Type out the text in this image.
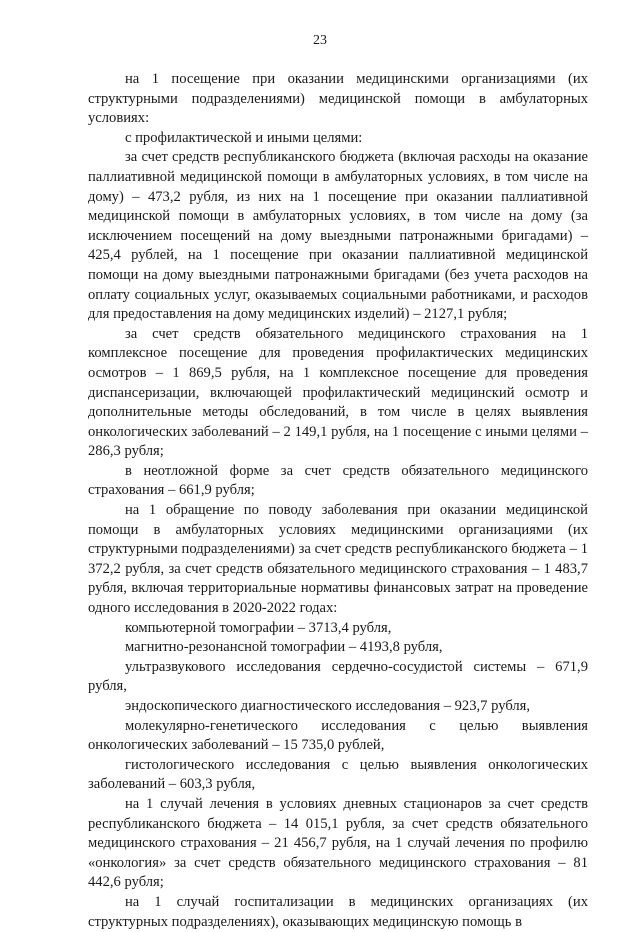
23

на 1 посещение при оказании медицинскими организациями (их структурными подразделениями) медицинской помощи в амбулаторных условиях:

с профилактической и иными целями:

за счет средств республиканского бюджета (включая расходы на оказание паллиативной медицинской помощи в амбулаторных условиях, в том числе на дому) – 473,2 рубля, из них на 1 посещение при оказании паллиативной медицинской помощи в амбулаторных условиях, в том числе на дому (за исключением посещений на дому выездными патронажными бригадами) – 425,4 рублей, на 1 посещение при оказании паллиативной медицинской помощи на дому выездными патронажными бригадами (без учета расходов на оплату социальных услуг, оказываемых социальными работниками, и расходов для предоставления на дому медицинских изделий) – 2127,1 рубля;

за счет средств обязательного медицинского страхования на 1 комплексное посещение для проведения профилактических медицинских осмотров – 1 869,5 рубля, на 1 комплексное посещение для проведения диспансеризации, включающей профилактический медицинский осмотр и дополнительные методы обследований, в том числе в целях выявления онкологических заболеваний – 2 149,1 рубля, на 1 посещение с иными целями – 286,3 рубля;

в неотложной форме за счет средств обязательного медицинского страхования – 661,9 рубля;

на 1 обращение по поводу заболевания при оказании медицинской помощи в амбулаторных условиях медицинскими организациями (их структурными подразделениями) за счет средств республиканского бюджета – 1 372,2 рубля, за счет средств обязательного медицинского страхования – 1 483,7 рубля, включая территориальные нормативы финансовых затрат на проведение одного исследования в 2020-2022 годах:

компьютерной томографии – 3713,4 рубля,

магнитно-резонансной томографии – 4193,8 рубля,

ультразвукового исследования сердечно-сосудистой системы – 671,9 рубля,

эндоскопического диагностического исследования – 923,7 рубля,

молекулярно-генетического исследования с целью выявления онкологических заболеваний – 15 735,0 рублей,

гистологического исследования с целью выявления онкологических заболеваний – 603,3 рубля,

на 1 случай лечения в условиях дневных стационаров за счет средств республиканского бюджета – 14 015,1 рубля, за счет средств обязательного медицинского страхования – 21 456,7 рубля, на 1 случай лечения по профилю «онкология» за счет средств обязательного медицинского страхования – 81 442,6 рубля;

на 1 случай госпитализации в медицинских организациях (их структурных подразделениях), оказывающих медицинскую помощь в
